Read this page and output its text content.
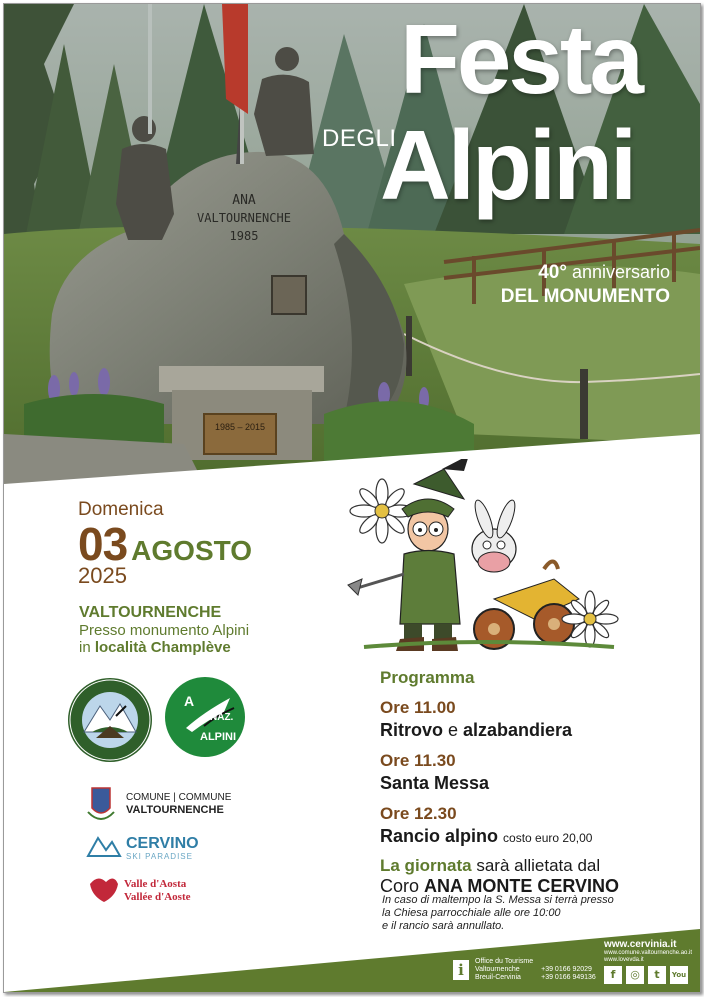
ANA
VALTOURNENCHE
1985
1985 – 2015
Festa
DEGLI
Alpini
40° anniversario
DEL MONUMENTO
Domenica
03 AGOSTO
2025
VALTOURNENCHE
Presso monumento Alpini
in località Champlève
A
NAZ.
ALPINI
COMUNE | COMMUNE
VALTOURNENCHE
CERVINO
SKI PARADISE
Valle d'Aosta
Vallée d'Aoste
Programma
Ore 11.00
Ritrovo e alzabandiera
Ore 11.30
Santa Messa
Ore 12.30
Rancio alpino costo euro 20,00
La giornata sarà allietata dal
Coro ANA MONTE CERVINO
In caso di maltempo la S. Messa si terrà presso
la Chiesa parrocchiale alle ore 10:00
e il rancio sarà annullato.
i	Office du Tourisme
Valtournenche
Breuil-Cervinia

+39 0166 92029
+39 0166 949136
www.cervinia.it
www.comune.valtournenche.ao.it
www.lovevda.it
f	◎	t	You
